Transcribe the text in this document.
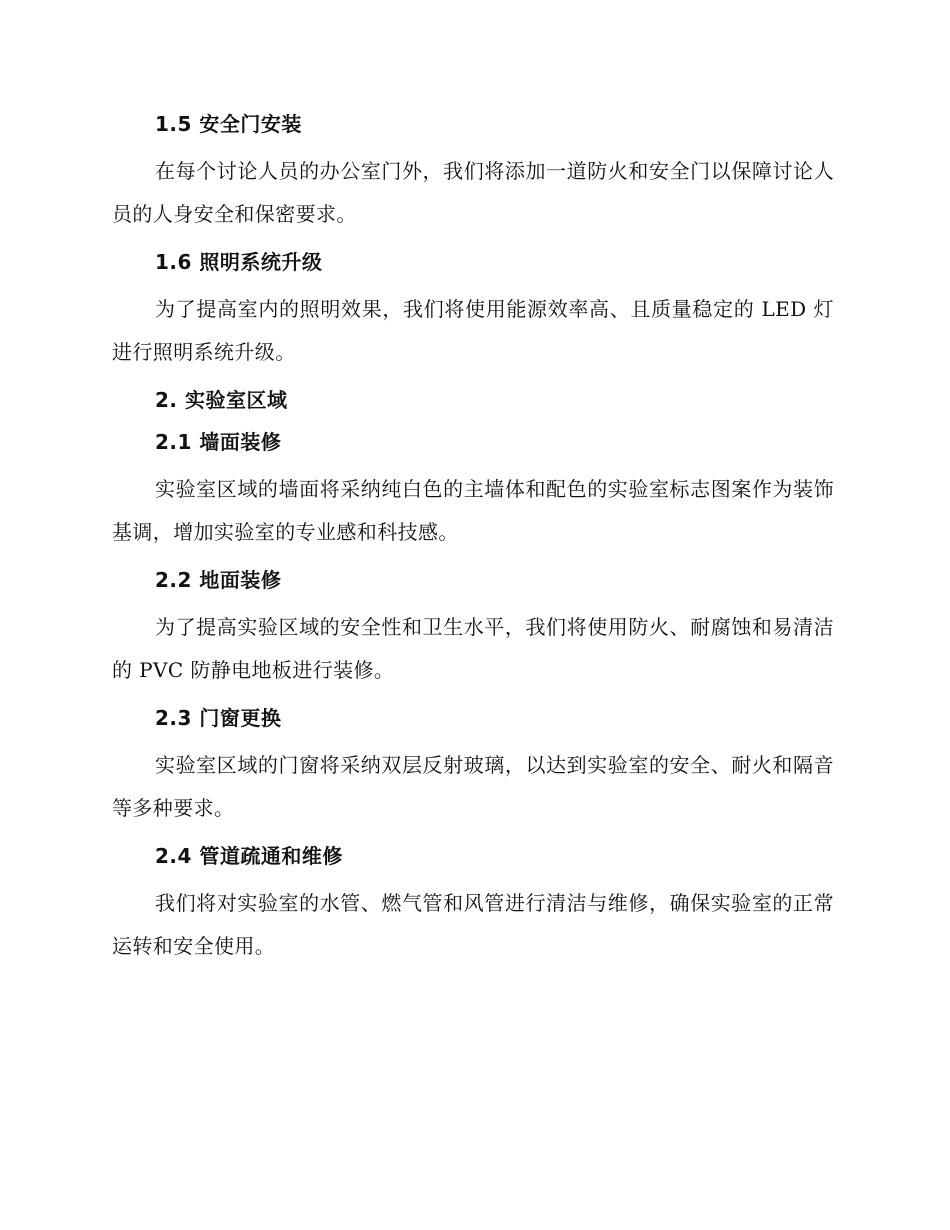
1.5 安全门安装
在每个讨论人员的办公室门外，我们将添加一道防火和安全门以保障讨论人员的人身安全和保密要求。
1.6 照明系统升级
为了提高室内的照明效果，我们将使用能源效率高、且质量稳定的 LED 灯进行照明系统升级。
2. 实验室区域
2.1 墙面装修
实验室区域的墙面将采纳纯白色的主墙体和配色的实验室标志图案作为装饰基调，增加实验室的专业感和科技感。
2.2 地面装修
为了提高实验区域的安全性和卫生水平，我们将使用防火、耐腐蚀和易清洁的 PVC 防静电地板进行装修。
2.3 门窗更换
实验室区域的门窗将采纳双层反射玻璃，以达到实验室的安全、耐火和隔音等多种要求。
2.4 管道疏通和维修
我们将对实验室的水管、燃气管和风管进行清洁与维修，确保实验室的正常运转和安全使用。
